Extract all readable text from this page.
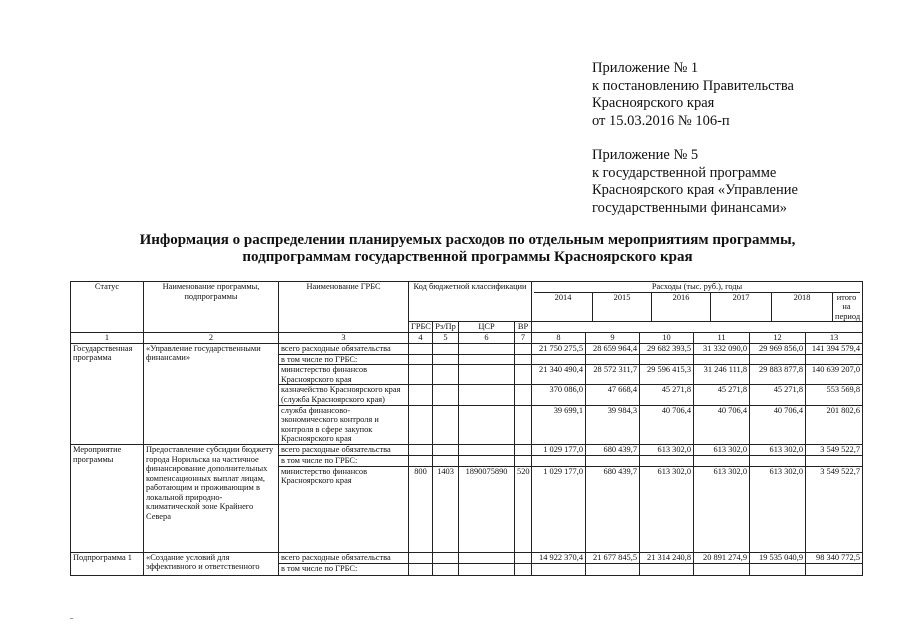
Приложение № 1
к постановлению Правительства
Красноярского края
от 15.03.2016 № 106-п
Приложение № 5
к государственной программе
Красноярского края «Управление
государственными финансами»
Информация о распределении планируемых расходов по отдельным мероприятиям программы,
подпрограммам государственной программы Красноярского края
Статус	Наименование программы, подпрограммы	Наименование ГРБС	Код бюджетной классификации	Расходы (тыс. руб.), годы
2014	2015	2016	2017	2018	итого на период

ГРБС	Рз/Пр	ЦСР	ВР	
1	2	3	4	5	6	7	8	9	10	11	12	13
Государственная программа	«Управление государственными финансами»	всего расходные обязательства					21 750 275,5	28 659 964,4	29 682 393,5	31 332 090,0	29 969 856,0	141 394 579,4
в том числе по ГРБС:										
министерство финансов Красноярского края					21 340 490,4	28 572 311,7	29 596 415,3	31 246 111,8	29 883 877,8	140 639 207,0
казначейство Красноярского края (служба Красноярского края)					370 086,0	47 668,4	45 271,8	45 271,8	45 271,8	553 569,8
служба финансово-экономического контроля и контроля в сфере закупок Красноярского края					39 699,1	39 984,3	40 706,4	40 706,4	40 706,4	201 802,6
Мероприятие программы	Предоставление субсидии бюджету города Норильска на частичное финансирование дополнительных компенсационных выплат лицам, работающим и проживающим в локальной природно-климатической зоне Крайнего Севера	всего расходные обязательства					1 029 177,0	680 439,7	613 302,0	613 302,0	613 302,0	3 549 522,7
в том числе по ГРБС:										
министерство финансов Красноярского края	800	1403	1890075890	520	1 029 177,0	680 439,7	613 302,0	613 302,0	613 302,0	3 549 522,7
Подпрограмма 1	«Создание условий для эффективного и ответственного	всего расходные обязательства					14 922 370,4	21 677 845,5	21 314 240,8	20 891 274,9	19 535 040,9	98 340 772,5
в том числе по ГРБС:										
